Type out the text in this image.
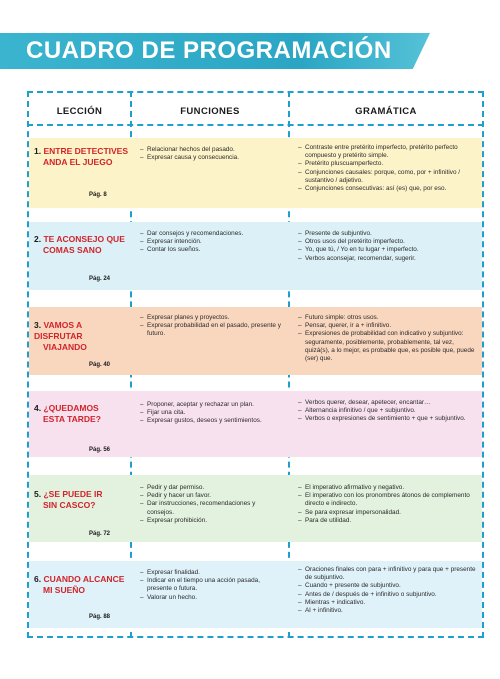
CUADRO DE PROGRAMACIÓN
LECCIÓN	FUNCIONES	GRAMÁTICA
1. ENTRE DETECTIVES
ANDA EL JUEGO
Pág. 8
– Relacionar hechos del pasado.
– Expresar causa y consecuencia.
– Contraste entre pretérito imperfecto, pretérito perfecto compuesto y pretérito simple.
– Pretérito pluscuamperfecto.
– Conjunciones causales: porque, como, por + infinitivo / sustantivo / adjetivo.
– Conjunciones consecutivas: así (es) que, por eso.
2. TE ACONSEJO QUE
COMAS SANO
Pág. 24
– Dar consejos y recomendaciones.
– Expresar intención.
– Contar los sueños.
– Presente de subjuntivo.
– Otros usos del pretérito imperfecto.
– Yo, que tú, / Yo en tu lugar + imperfecto.
– Verbos aconsejar, recomendar, sugerir.
3. VAMOS A DISFRUTAR
VIAJANDO
Pág. 40
– Expresar planes y proyectos.
– Expresar probabilidad en el pasado, presente y futuro.
– Futuro simple: otros usos.
– Pensar, querer, ir a + infinitivo.
– Expresiones de probabilidad con indicativo y subjuntivo: seguramente, posiblemente, probablemente, tal vez, quizá(s), a lo mejor, es probable que, es posible que, puede (ser) que.
4. ¿QUEDAMOS
ESTA TARDE?
Pág. 56
– Proponer, aceptar y rechazar un plan.
– Fijar una cita.
– Expresar gustos, deseos y sentimientos.
– Verbos querer, desear, apetecer, encantar…
– Alternancia infinitivo / que + subjuntivo.
– Verbos o expresiones de sentimiento + que + subjuntivo.
5. ¿SE PUEDE IR
SIN CASCO?
Pág. 72
– Pedir y dar permiso.
– Pedir y hacer un favor.
– Dar instrucciones, recomendaciones y consejos.
– Expresar prohibición.
– El imperativo afirmativo y negativo.
– El imperativo con los pronombres átonos de complemento directo e indirecto.
– Se para expresar impersonalidad.
– Para de utilidad.
6. CUANDO ALCANCE
MI SUEÑO
Pág. 88
– Expresar finalidad.
– Indicar en el tiempo una acción pasada, presente o futura.
– Valorar un hecho.
– Oraciones finales con para + infinitivo y para que + presente de subjuntivo.
– Cuando + presente de subjuntivo.
– Antes de / después de + infinitivo o subjuntivo.
– Mientras + indicativo.
– Al + infinitivo.
